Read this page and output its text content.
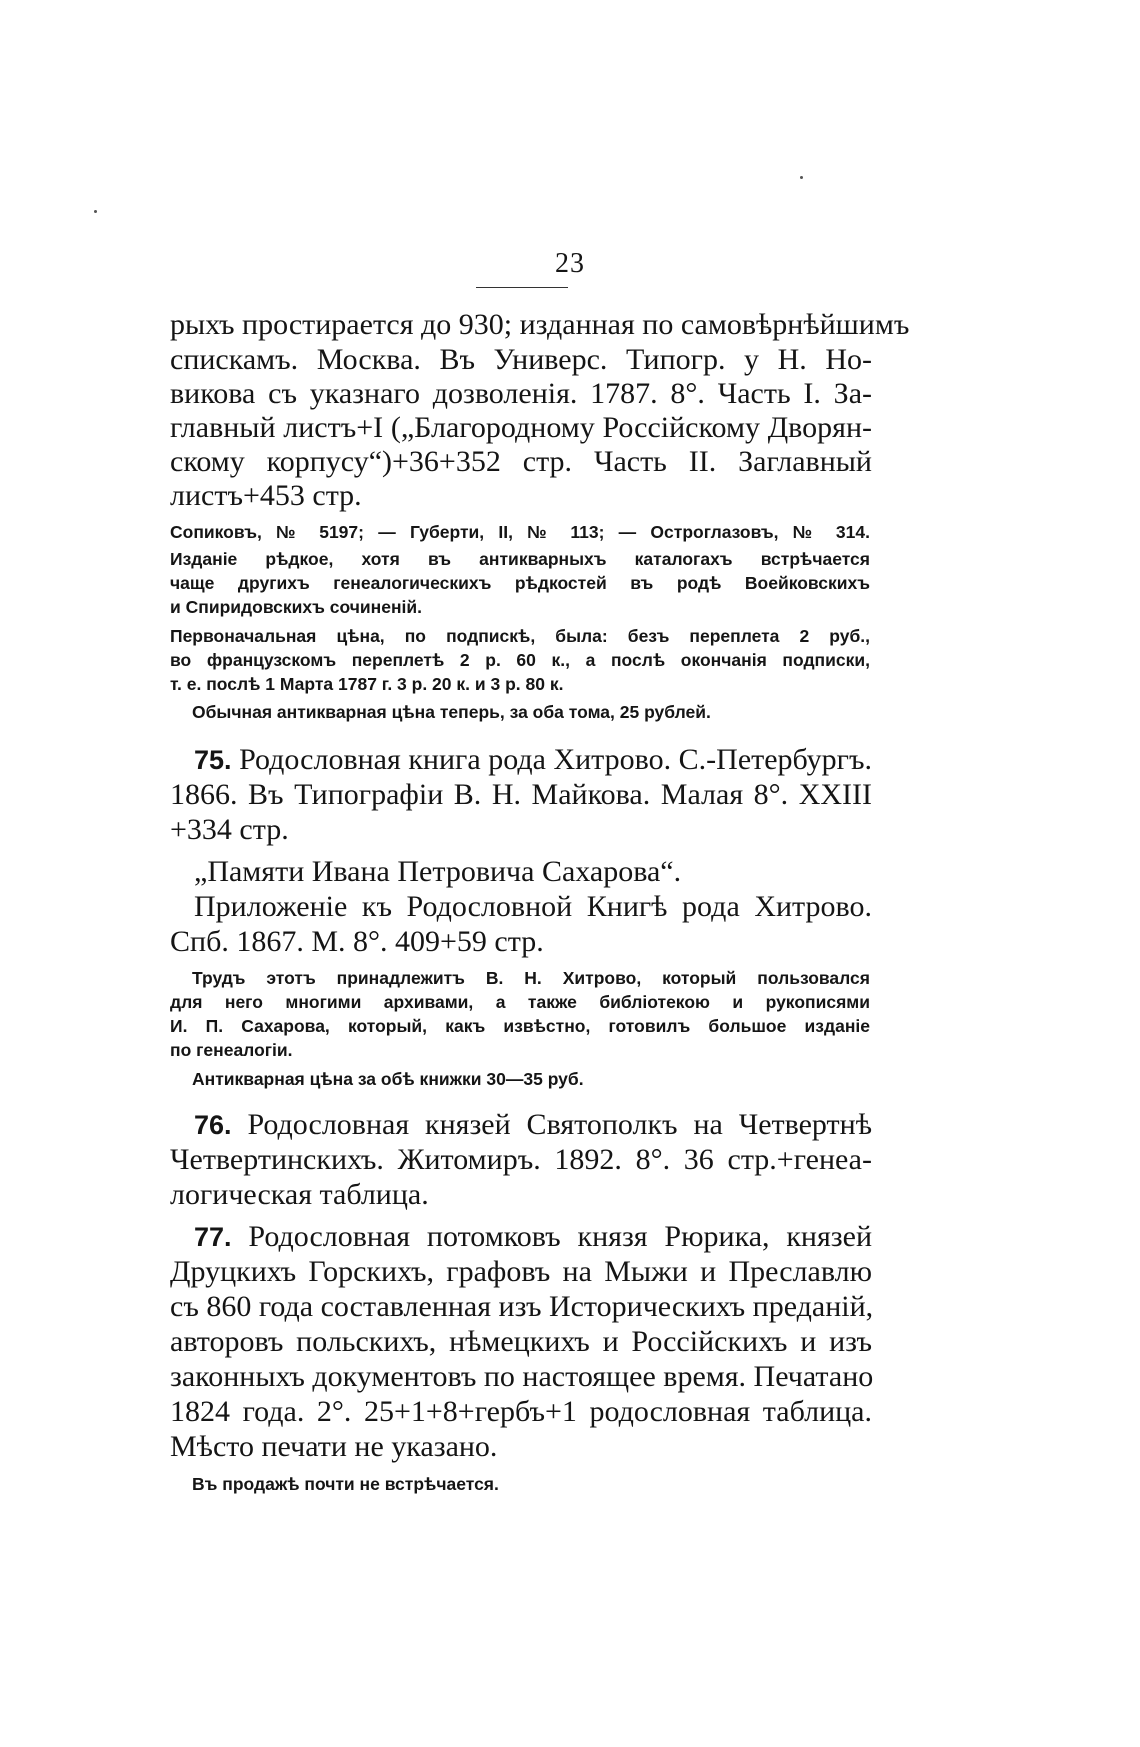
23
рыхъ простирается до 930; изданная по самовѣрнѣйшимъ
спискамъ. Москва. Въ Универс. Типогр. у Н. Но-
викова съ указнаго дозволенія. 1787. 8°. Часть I. За-
главный листъ+I („Благородному Россійскому Дворян-
скому корпусу“)+36+352 стр. Часть II. Заглавный
листъ+453 стр.
Сопиковъ, № 5197; — Губерти, II, № 113; — Остроглазовъ, № 314.
Изданіе рѣдкое, хотя въ антикварныхъ каталогахъ встрѣчается
чаще другихъ генеалогическихъ рѣдкостей въ родѣ Воейковскихъ
и Спиридовскихъ сочиненій.
Первоначальная цѣна, по подпискѣ, была: безъ переплета 2 руб.,
во французскомъ переплетѣ 2 р. 60 к., а послѣ окончанія подписки,
т. е. послѣ 1 Марта 1787 г. 3 р. 20 к. и 3 р. 80 к.
Обычная антикварная цѣна теперь, за оба тома, 25 рублей.
75. Родословная книга рода Хитрово. С.-Петербургъ.
1866. Въ Типографіи В. Н. Майкова. Малая 8°. XXIII
+334 стр.
„Памяти Ивана Петровича Сахарова“.
Приложеніе къ Родословной Книгѣ рода Хитрово.
Спб. 1867. М. 8°. 409+59 стр.
Трудъ этотъ принадлежитъ В. Н. Хитрово, который пользовался
для него многими архивами, а также библіотекою и рукописями
И. П. Сахарова, который, какъ извѣстно, готовилъ большое изданіе
по генеалогіи.
Антикварная цѣна за обѣ книжки 30—35 руб.
76. Родословная князей Святополкъ на Четвертнѣ
Четвертинскихъ. Житомиръ. 1892. 8°. 36 стр.+генеа-
логическая таблица.
77. Родословная потомковъ князя Рюрика, князей
Друцкихъ Горскихъ, графовъ на Мыжи и Преславлю
съ 860 года составленная изъ Историческихъ преданій,
авторовъ польскихъ, нѣмецкихъ и Россійскихъ и изъ
законныхъ документовъ по настоящее время. Печатано
1824 года. 2°. 25+1+8+гербъ+1 родословная таблица.
Мѣсто печати не указано.
Въ продажѣ почти не встрѣчается.
